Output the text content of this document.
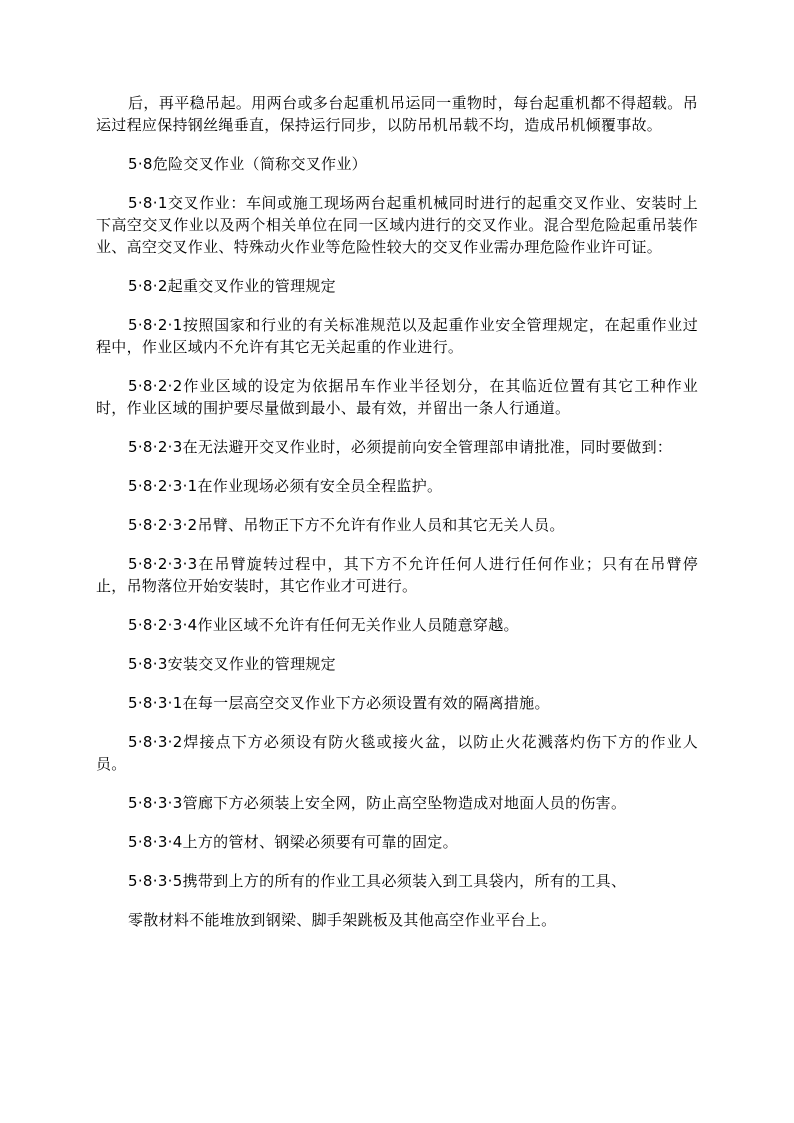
后，再平稳吊起。用两台或多台起重机吊运同一重物时，每台起重机都不得超载。吊运过程应保持钢丝绳垂直，保持运行同步，以防吊机吊载不均，造成吊机倾覆事故。

5·8危险交叉作业（简称交叉作业）

5·8·1交叉作业：车间或施工现场两台起重机械同时进行的起重交叉作业、安装时上下高空交叉作业以及两个相关单位在同一区域内进行的交叉作业。混合型危险起重吊装作业、高空交叉作业、特殊动火作业等危险性较大的交叉作业需办理危险作业许可证。

5·8·2起重交叉作业的管理规定

5·8·2·1按照国家和行业的有关标准规范以及起重作业安全管理规定，在起重作业过程中，作业区域内不允许有其它无关起重的作业进行。

5·8·2·2作业区域的设定为依据吊车作业半径划分，在其临近位置有其它工种作业时，作业区域的围护要尽量做到最小、最有效，并留出一条人行通道。

5·8·2·3在无法避开交叉作业时，必须提前向安全管理部申请批准，同时要做到：

5·8·2·3·1在作业现场必须有安全员全程监护。

5·8·2·3·2吊臂、吊物正下方不允许有作业人员和其它无关人员。

5·8·2·3·3在吊臂旋转过程中，其下方不允许任何人进行任何作业；只有在吊臂停止，吊物落位开始安装时，其它作业才可进行。

5·8·2·3·4作业区域不允许有任何无关作业人员随意穿越。

5·8·3安装交叉作业的管理规定

5·8·3·1在每一层高空交叉作业下方必须设置有效的隔离措施。

5·8·3·2焊接点下方必须设有防火毯或接火盆，以防止火花溅落灼伤下方的作业人员。

5·8·3·3管廊下方必须装上安全网，防止高空坠物造成对地面人员的伤害。

5·8·3·4上方的管材、钢梁必须要有可靠的固定。

5·8·3·5携带到上方的所有的作业工具必须装入到工具袋内，所有的工具、

零散材料不能堆放到钢梁、脚手架跳板及其他高空作业平台上。
